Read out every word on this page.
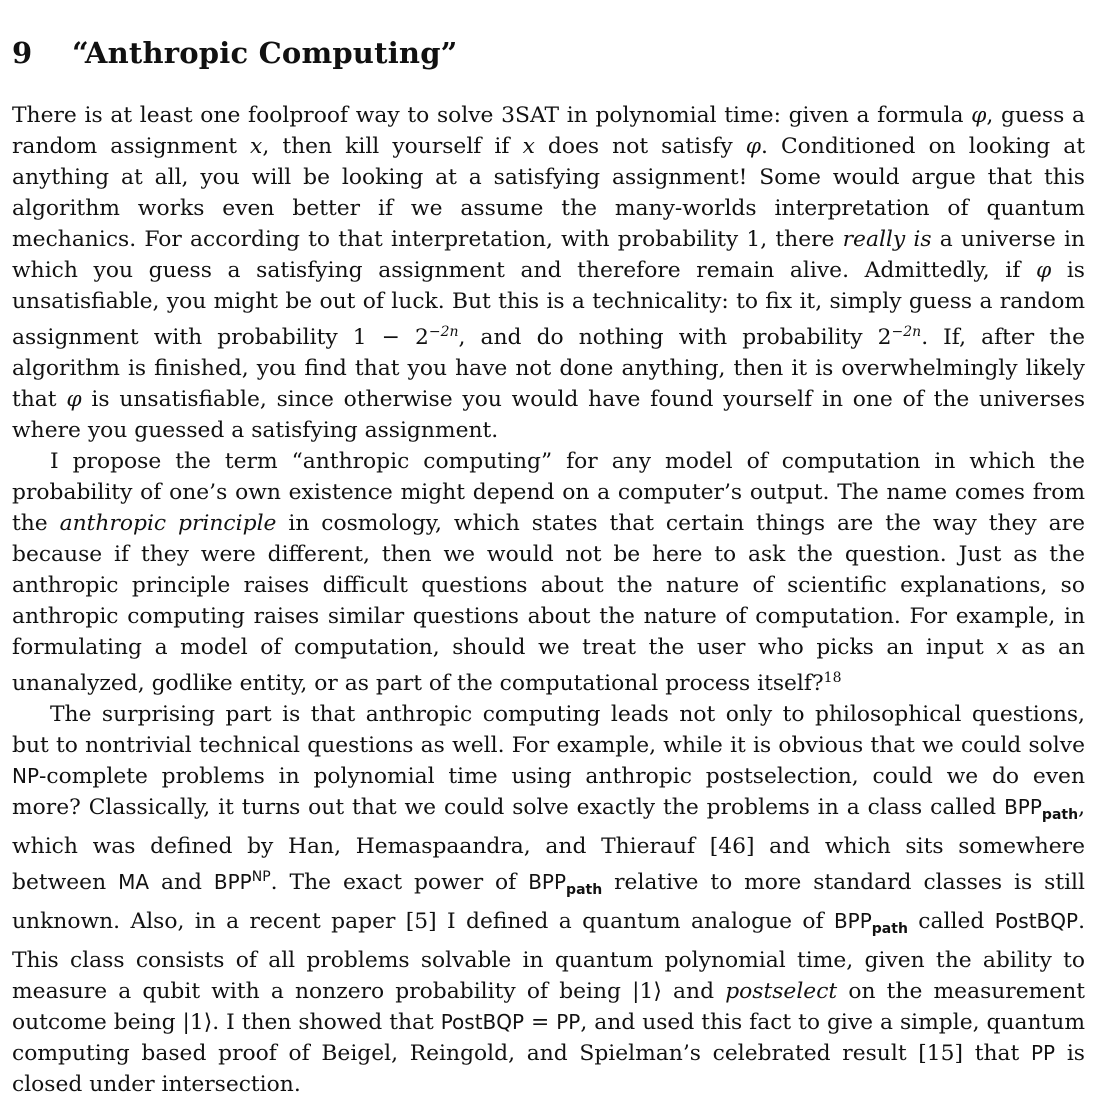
9	“Anthropic Computing”

There is at least one foolproof way to solve 3SAT in polynomial time: given a formula φ, guess a random assignment x, then kill yourself if x does not satisfy φ. Conditioned on looking at anything at all, you will be looking at a satisfying assignment! Some would argue that this algorithm works even better if we assume the many-worlds interpretation of quantum mechanics. For according to that interpretation, with probability 1, there really is a universe in which you guess a satisfying assignment and therefore remain alive. Admittedly, if φ is unsatisfiable, you might be out of luck. But this is a technicality: to fix it, simply guess a random assignment with probability $1 - 2^{-2n}$, and do nothing with probability $2^{-2n}$. If, after the algorithm is finished, you find that you have not done anything, then it is overwhelmingly likely that φ is unsatisfiable, since otherwise you would have found yourself in one of the universes where you guessed a satisfying assignment.

I propose the term “anthropic computing” for any model of computation in which the probability of one’s own existence might depend on a computer’s output. The name comes from the anthropic principle in cosmology, which states that certain things are the way they are because if they were different, then we would not be here to ask the question. Just as the anthropic principle raises difficult questions about the nature of scientific explanations, so anthropic computing raises similar questions about the nature of computation. For example, in formulating a model of computation, should we treat the user who picks an input x as an unanalyzed, godlike entity, or as part of the computational process itself?$^{18}$

The surprising part is that anthropic computing leads not only to philosophical questions, but to nontrivial technical questions as well. For example, while it is obvious that we could solve NP-complete problems in polynomial time using anthropic postselection, could we do even more? Classically, it turns out that we could solve exactly the problems in a class called $BPP_{path}$, which was defined by Han, Hemaspaandra, and Thierauf [46] and which sits somewhere between MA and $BPP^{NP}$. The exact power of $BPP_{path}$ relative to more standard classes is still unknown. Also, in a recent paper [5] I defined a quantum analogue of $BPP_{path}$ called PostBQP. This class consists of all problems solvable in quantum polynomial time, given the ability to measure a qubit with a nonzero probability of being |1⟩ and postselect on the measurement outcome being |1⟩. I then showed that PostBQP = PP, and used this fact to give a simple, quantum computing based proof of Beigel, Reingold, and Spielman’s celebrated result [15] that PP is closed under intersection.
